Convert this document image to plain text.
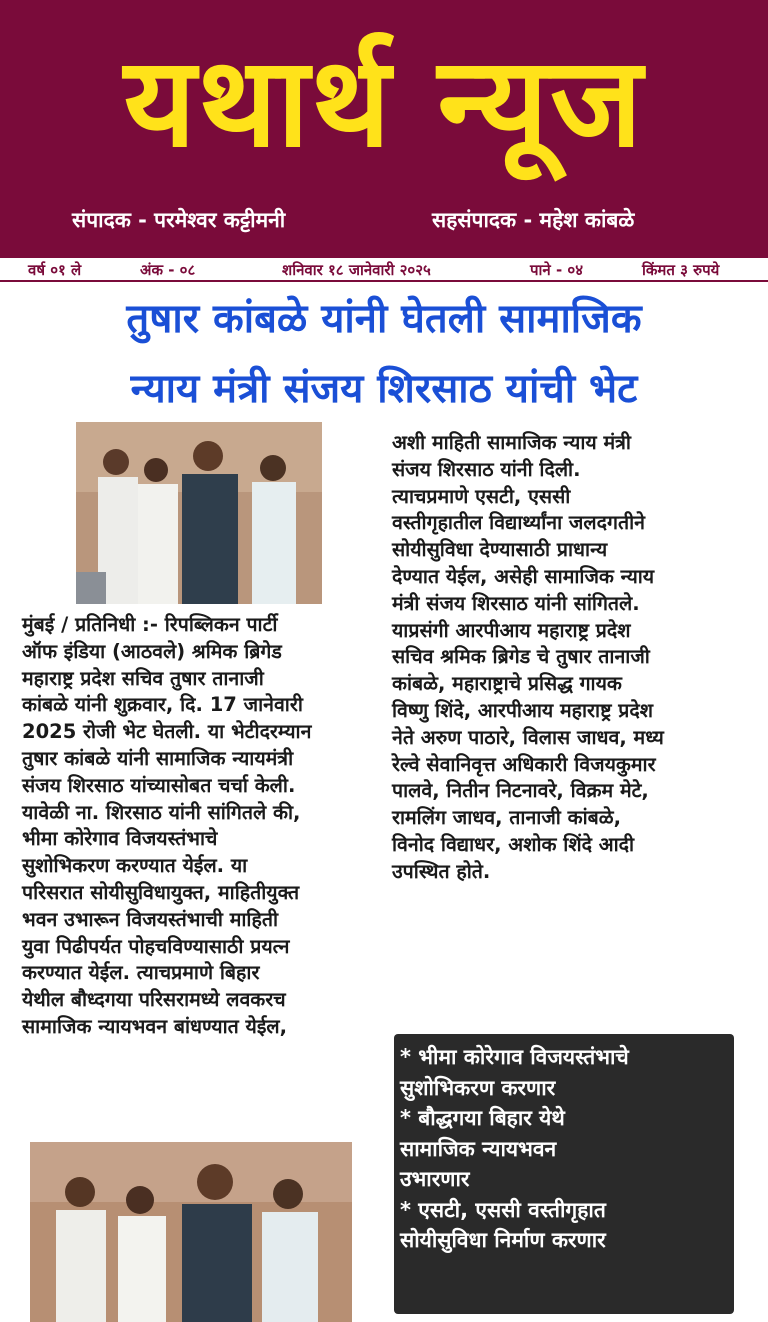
यथार्थ न्यूज
संपादक - परमेश्वर कट्टीमनी	सहसंपादक - महेश कांबळे
वर्ष ०१ ले	अंक - ०८	शनिवार १८ जानेवारी २०२५	पाने - ०४	किंमत ३ रुपये
तुषार कांबळे यांनी घेतली सामाजिक
न्याय मंत्री संजय शिरसाठ यांची भेट
मुंबई / प्रतिनिधी :- रिपब्लिकन पार्टी
ऑफ इंडिया (आठवले) श्रमिक ब्रिगेड
महाराष्ट्र प्रदेश सचिव तुषार तानाजी
कांबळे यांनी शुक्रवार, दि. 17 जानेवारी
2025 रोजी भेट घेतली. या भेटीदरम्यान
तुषार कांबळे यांनी सामाजिक न्यायमंत्री
संजय शिरसाठ यांच्यासोबत चर्चा केली.
यावेळी ना. शिरसाठ यांनी सांगितले की,
भीमा कोरेगाव विजयस्तंभाचे
सुशोभिकरण करण्यात येईल. या
परिसरात सोयीसुविधायुक्त, माहितीयुक्त
भवन उभारून विजयस्तंभाची माहिती
युवा पिढीपर्यत पोहचविण्यासाठी प्रयत्न
करण्यात येईल. त्याचप्रमाणे बिहार
येथील बौध्दगया परिसरामध्ये लवकरच
सामाजिक न्यायभवन बांधण्यात येईल,
अशी माहिती सामाजिक न्याय मंत्री
संजय शिरसाठ यांनी दिली.
त्याचप्रमाणे एसटी, एससी
वस्तीगृहातील विद्यार्थ्यांना जलदगतीने
सोयीसुविधा देण्यासाठी प्राधान्य
देण्यात येईल, असेही सामाजिक न्याय
मंत्री संजय शिरसाठ यांनी सांगितले.
याप्रसंगी आरपीआय महाराष्ट्र प्रदेश
सचिव श्रमिक ब्रिगेड चे तुषार तानाजी
कांबळे, महाराष्ट्राचे प्रसिद्ध गायक
विष्णु शिंदे, आरपीआय महाराष्ट्र प्रदेश
नेते अरुण पाठारे, विलास जाधव, मध्य
रेल्वे सेवानिवृत्त अधिकारी विजयकुमार
पालवे, नितीन निटनावरे, विक्रम मेटे,
रामलिंग जाधव, तानाजी कांबळे,
विनोद विद्याधर, अशोक शिंदे आदी
उपस्थित होते.
* भीमा कोरेगाव विजयस्तंभाचे
सुशोभिकरण करणार
* बौद्धगया बिहार येथे
सामाजिक न्यायभवन
उभारणार
* एसटी, एससी वस्तीगृहात
सोयीसुविधा निर्माण करणार
